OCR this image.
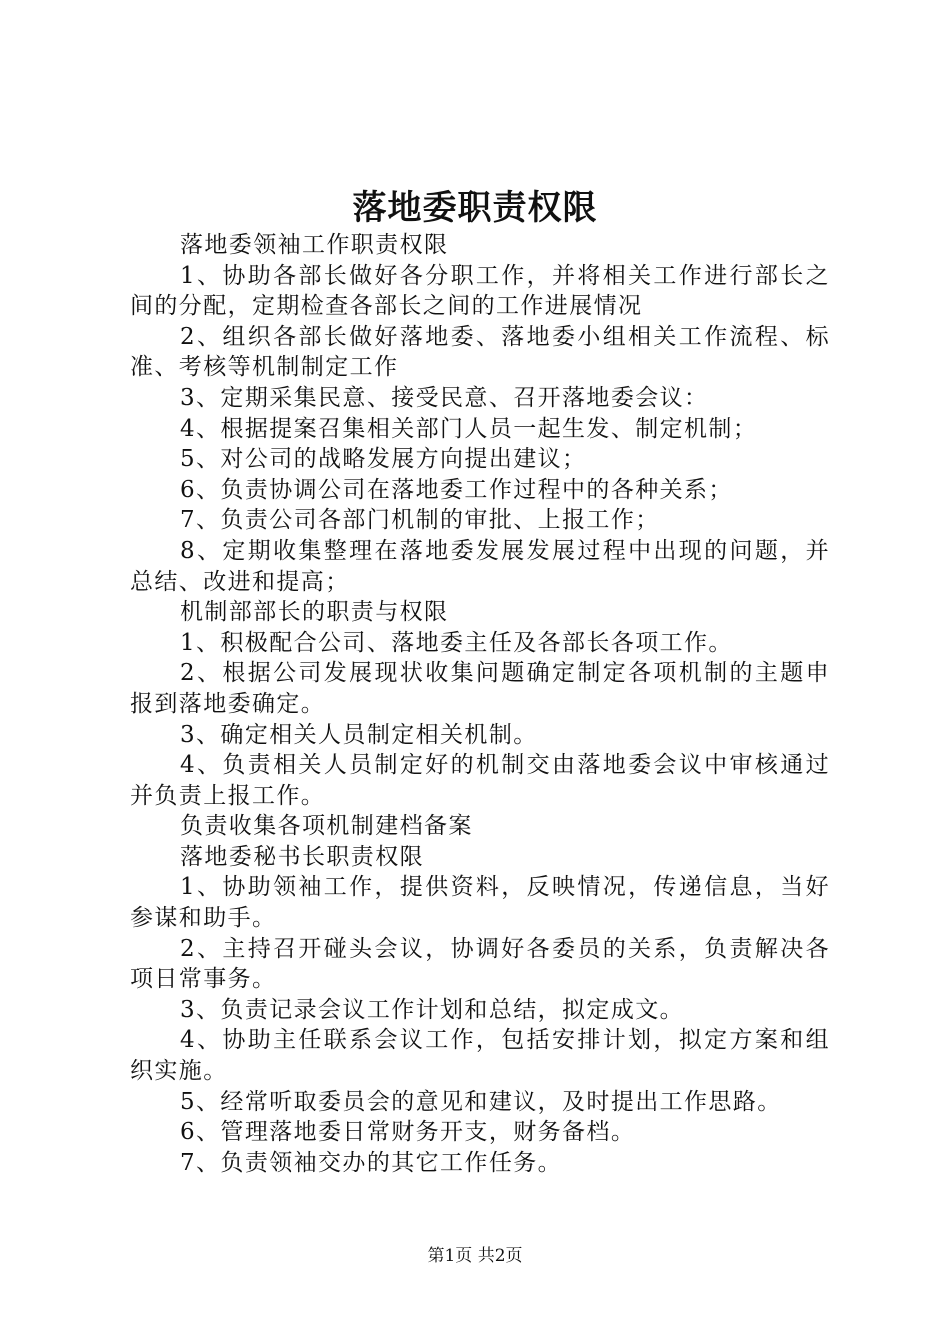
落地委职责权限

落地委领袖工作职责权限

1、协助各部长做好各分职工作，并将相关工作进行部长之间的分配，定期检查各部长之间的工作进展情况

2、组织各部长做好落地委、落地委小组相关工作流程、标准、考核等机制制定工作

3、定期采集民意、接受民意、召开落地委会议：

4、根据提案召集相关部门人员一起生发、制定机制；

5、对公司的战略发展方向提出建议；

6、负责协调公司在落地委工作过程中的各种关系；

7、负责公司各部门机制的审批、上报工作；

8、定期收集整理在落地委发展发展过程中出现的问题，并总结、改进和提高；

机制部部长的职责与权限

1、积极配合公司、落地委主任及各部长各项工作。

2、根据公司发展现状收集问题确定制定各项机制的主题申报到落地委确定。

3、确定相关人员制定相关机制。

4、负责相关人员制定好的机制交由落地委会议中审核通过并负责上报工作。

负责收集各项机制建档备案

落地委秘书长职责权限

1、协助领袖工作，提供资料，反映情况，传递信息，当好参谋和助手。

2、主持召开碰头会议，协调好各委员的关系，负责解决各项日常事务。

3、负责记录会议工作计划和总结，拟定成文。

4、协助主任联系会议工作，包括安排计划，拟定方案和组织实施。

5、经常听取委员会的意见和建议，及时提出工作思路。

6、管理落地委日常财务开支，财务备档。

7、负责领袖交办的其它工作任务。

第1页 共2页
